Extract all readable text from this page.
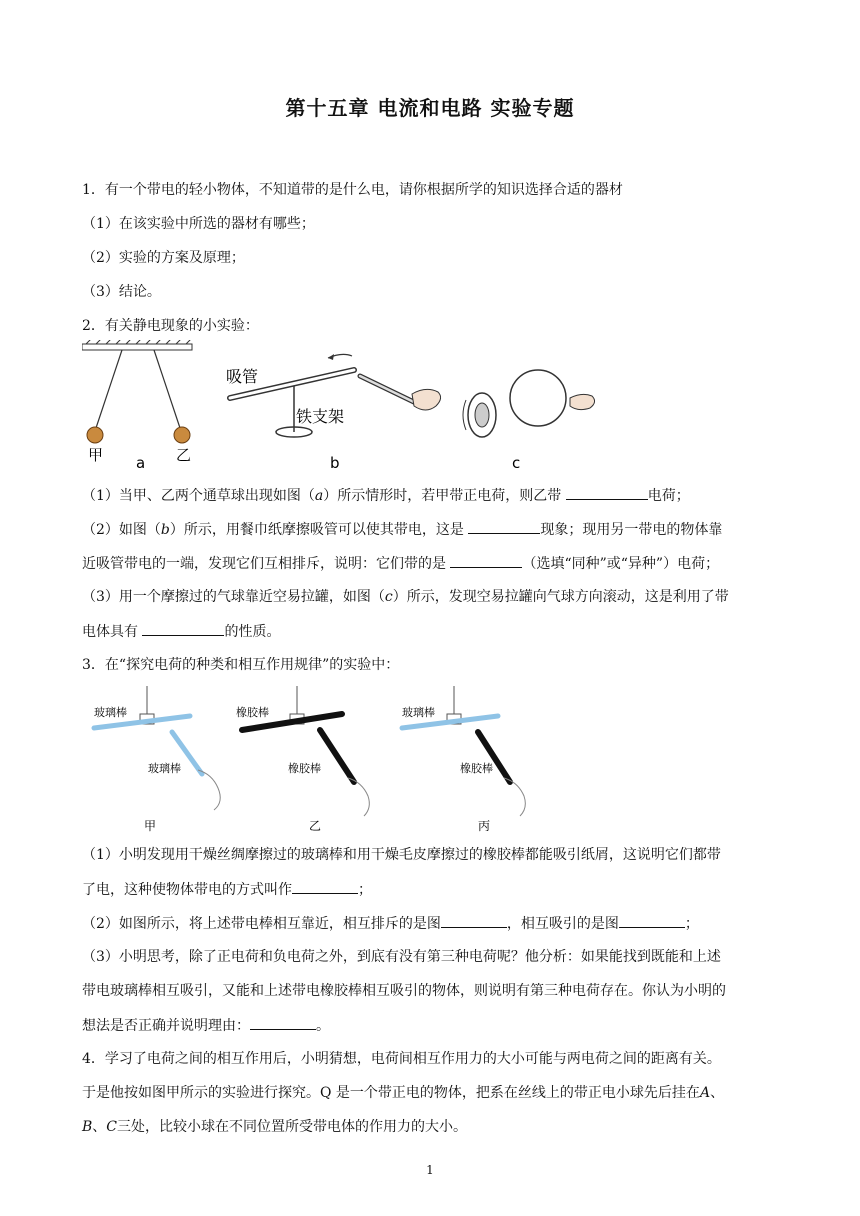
第十五章 电流和电路 实验专题
1．有一个带电的轻小物体，不知道带的是什么电，请你根据所学的知识选择合适的器材
（1）在该实验中所选的器材有哪些；
（2）实验的方案及原理；
（3）结论。
2．有关静电现象的小实验：
甲	乙
a
吸管
铁支架
b	c
（1）当甲、乙两个通草球出现如图（a）所示情形时，若甲带正电荷，则乙带	电荷；
（2）如图（b）所示，用餐巾纸摩擦吸管可以使其带电，这是	现象；现用另一带电的物体靠
近吸管带电的一端，发现它们互相排斥，说明：它们带的是	（选填“同种”或“异种”）电荷；
（3）用一个摩擦过的气球靠近空易拉罐，如图（c）所示，发现空易拉罐向气球方向滚动，这是利用了带
电体具有	的性质。
3．在“探究电荷的种类和相互作用规律”的实验中：
玻璃棒
玻璃棒
甲
橡胶棒
橡胶棒
乙
玻璃棒
橡胶棒
丙
（1）小明发现用干燥丝绸摩擦过的玻璃棒和用干燥毛皮摩擦过的橡胶棒都能吸引纸屑，这说明它们都带
了电，这种使物体带电的方式叫作	；
（2）如图所示，将上述带电棒相互靠近，相互排斥的是图	，相互吸引的是图	；
（3）小明思考，除了正电荷和负电荷之外，到底有没有第三种电荷呢？他分析：如果能找到既能和上述
带电玻璃棒相互吸引，又能和上述带电橡胶棒相互吸引的物体，则说明有第三种电荷存在。你认为小明的
想法是否正确并说明理由：	。
4．学习了电荷之间的相互作用后，小明猜想，电荷间相互作用力的大小可能与两电荷之间的距离有关。
于是他按如图甲所示的实验进行探究。Q 是一个带正电的物体，把系在丝线上的带正电小球先后挂在A、
B、C三处，比较小球在不同位置所受带电体的作用力的大小。
1
